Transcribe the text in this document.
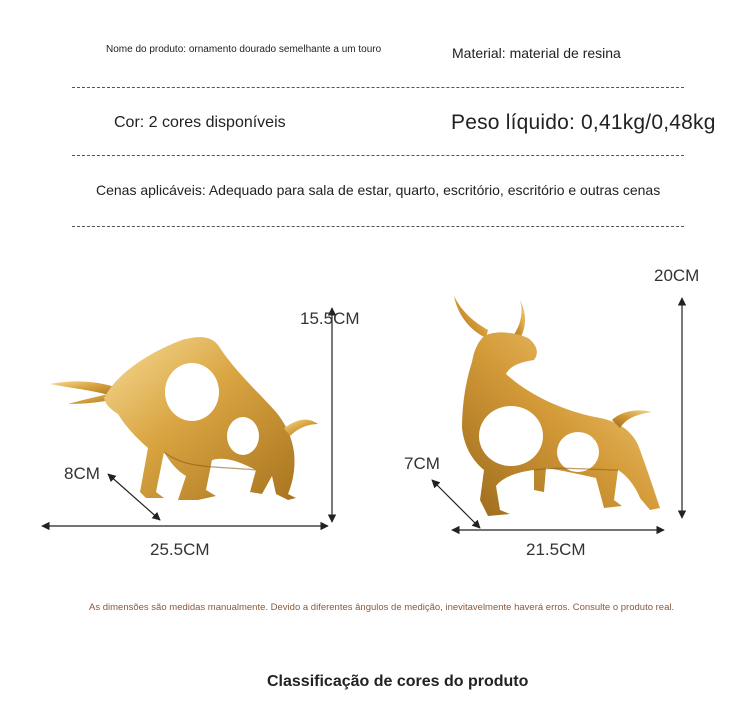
Nome do produto: ornamento dourado semelhante a um touro	Material: material de resina
Cor: 2 cores disponíveis	Peso líquido: 0,41kg/0,48kg
Cenas aplicáveis: Adequado para sala de estar, quarto, escritório, escritório e outras cenas
15.5CM
8CM
25.5CM
20CM
7CM
21.5CM
As dimensões são medidas manualmente. Devido a diferentes ângulos de medição, inevitavelmente haverá erros. Consulte o produto real.
Classificação de cores do produto
